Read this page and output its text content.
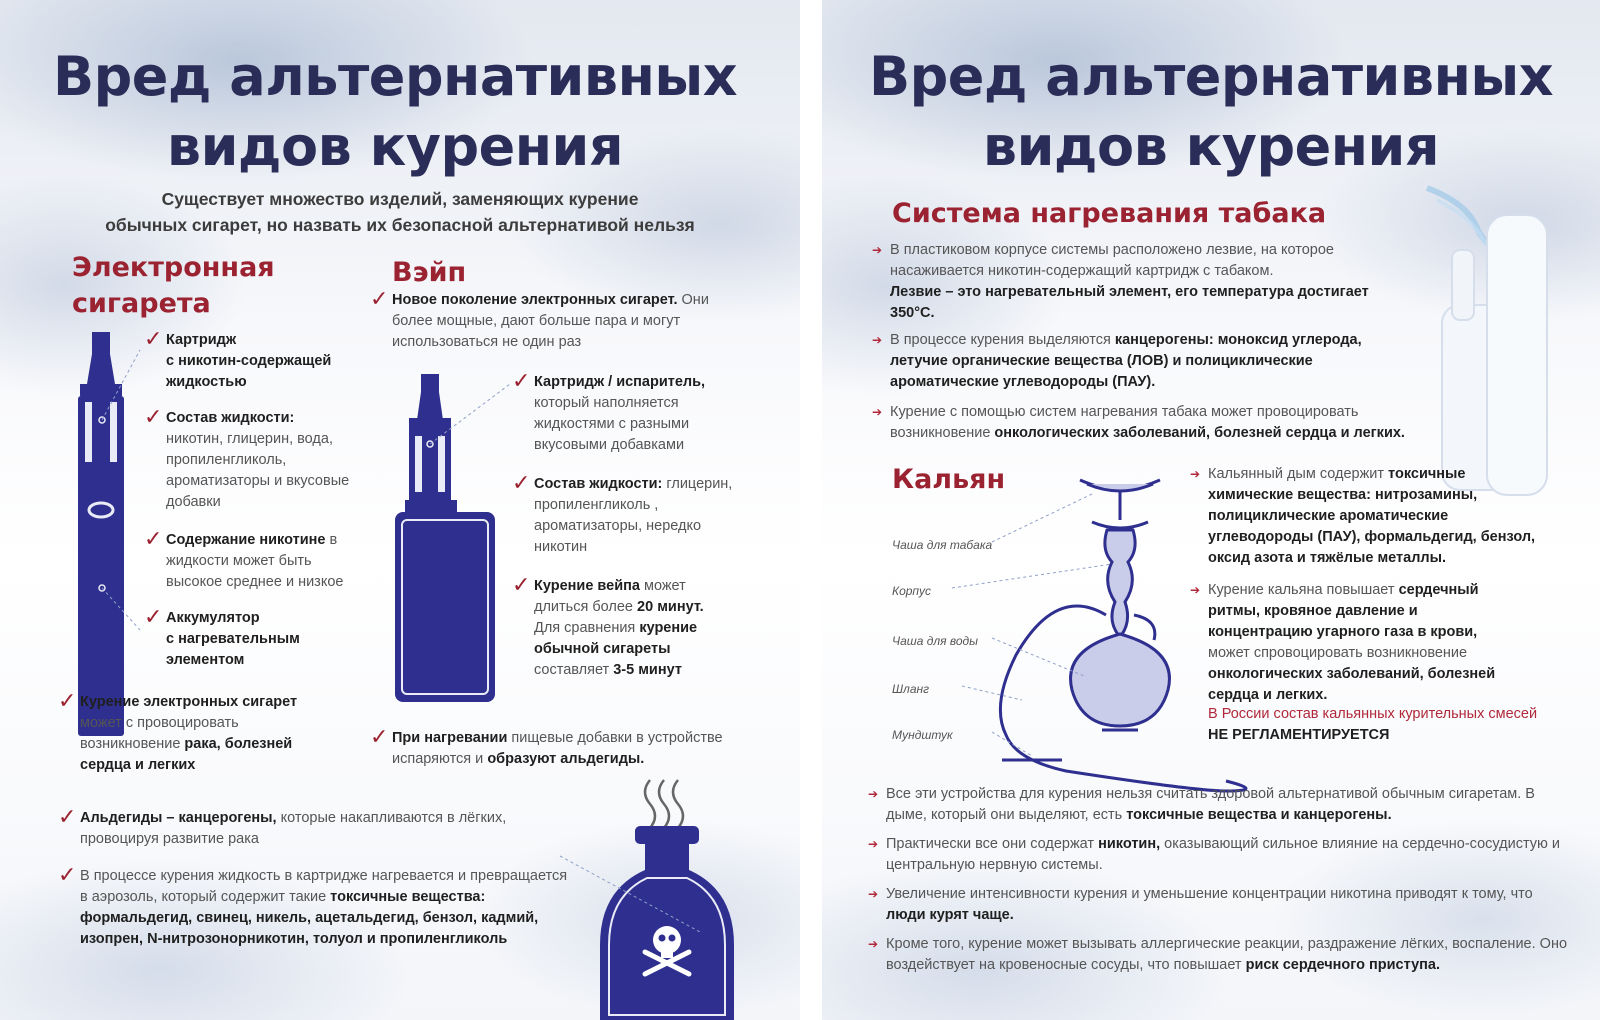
Вред альтернативных
видов курения
Существует множество изделий, заменяющих курение
обычных сигарет, но назвать их безопасной альтернативой нельзя
Электронная
сигарета
✓ Картридж
с никотин-содержащей жидкостью
✓ Состав жидкости: никотин, глицерин, вода, пропиленгликоль, ароматизаторы и вкусовые добавки
✓ Содержание никотине в жидкости может быть высокое среднее и низкое
✓ Аккумулятор
с нагревательным элементом
✓ Курение электронных сигарет может с провоцировать возникновение рака, болезней сердца и легких
Вэйп
✓ Новое поколение электронных сигарет. Они более мощные, дают больше пара и могут использоваться не один раз
✓ Картридж / испаритель, который наполняется жидкостями с разными вкусовыми добавками
✓ Состав жидкости: глицерин, пропиленгликоль , ароматизаторы, нередко никотин
✓ Курение вейпа может длиться более 20 минут. Для сравнения курение обычной сигареты составляет 3-5 минут
✓ При нагревании пищевые добавки в устройстве испаряются и образуют альдегиды.
✓ Альдегиды – канцерогены, которые накапливаются в лёгких, провоцируя развитие рака
✓ В процессе курения жидкость в картридже нагревается и превращается в аэрозоль, который содержит такие токсичные вещества: формальдегид, свинец, никель, ацетальдегид, бензол, кадмий, изопрен, N-нитрозонорникотин, толуол и пропиленгликоль
Вред альтернативных
видов курения
Система нагревания табака
➔ В пластиковом корпусе системы расположено лезвие, на которое насаживается никотин-содержащий картридж с табаком.
Лезвие – это нагревательный элемент, его температура достигает 350°С.
➔ В процессе курения выделяются канцерогены: моноксид углерода, летучие органические вещества (ЛОВ) и полициклические ароматические углеводороды (ПАУ).
➔ Курение с помощью систем нагревания табака может провоцировать возникновение онкологических заболеваний, болезней сердца и легких.
Кальян
Чаша для табака
Корпус
Чаша для воды
Шланг
Мундштук
➔ Кальянный дым содержит токсичные химические вещества: нитрозамины, полициклические ароматические углеводороды (ПАУ), формальдегид, бензол, оксид азота и тяжёлые металлы.
➔ Курение кальяна повышает сердечный ритмы, кровяное давление и концентрацию угарного газа в крови, может спровоцировать возникновение онкологических заболеваний, болезней сердца и легких.
В России состав кальянных курительных смесей
НЕ РЕГЛАМЕНТИРУЕТСЯ
➔ Все эти устройства для курения нельзя считать здоровой альтернативой обычным сигаретам. В дыме, который они выделяют, есть токсичные вещества и канцерогены.
➔ Практически все они содержат никотин, оказывающий сильное влияние на сердечно-сосудистую и центральную нервную системы.
➔ Увеличение интенсивности курения и уменьшение концентрации никотина приводят к тому, что люди курят чаще.
➔ Кроме того, курение может вызывать аллергические реакции, раздражение лёгких, воспаление. Оно воздействует на кровеносные сосуды, что повышает риск сердечного приступа.
